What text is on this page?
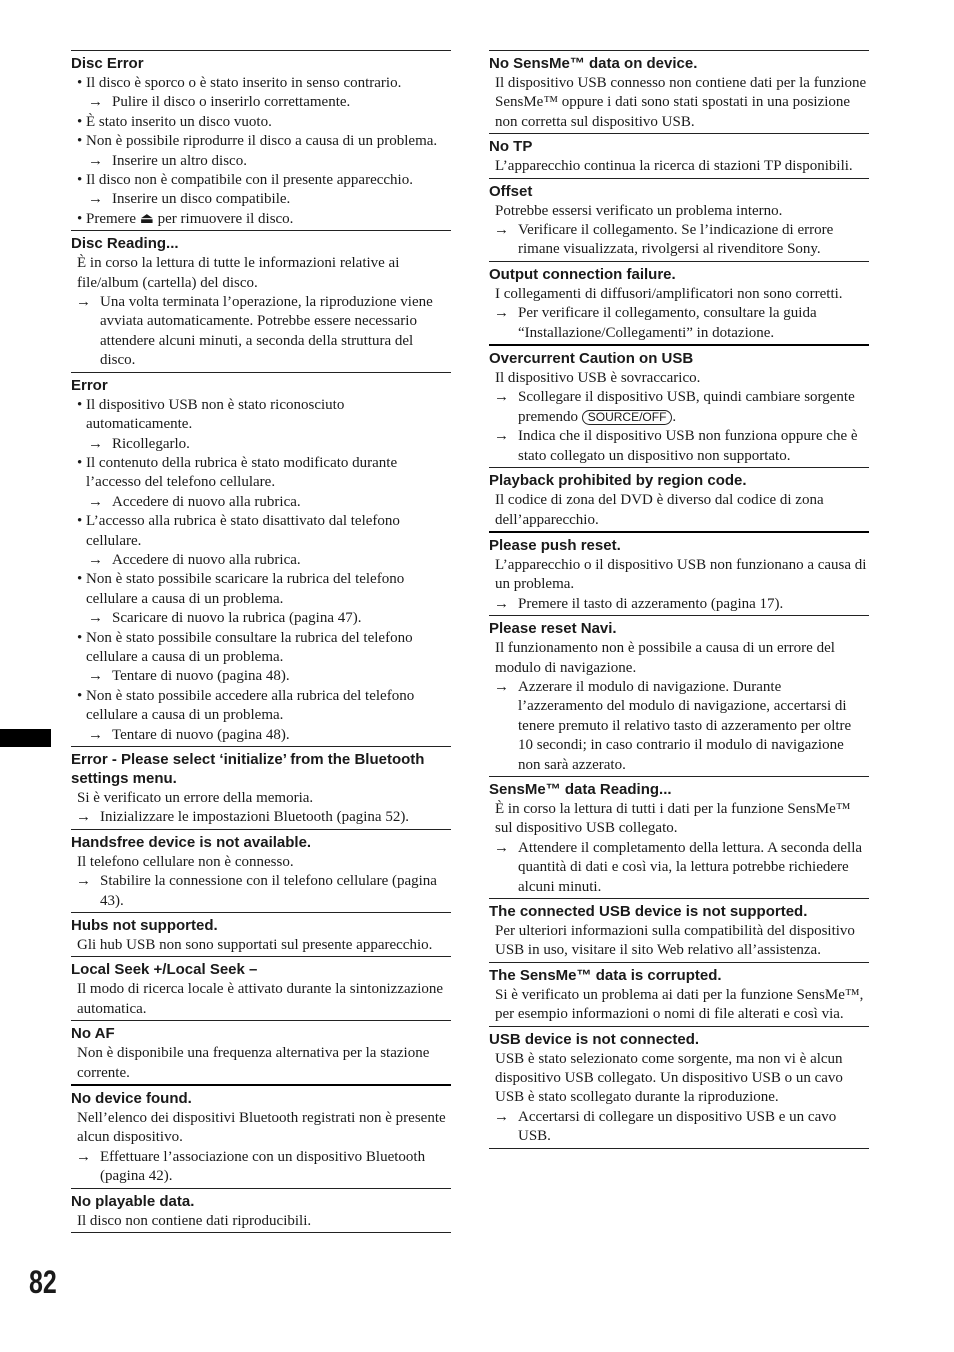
Disc Error
• Il disco è sporco o è stato inserito in senso contrario.
→ Pulire il disco o inserirlo correttamente.
• È stato inserito un disco vuoto.
• Non è possibile riprodurre il disco a causa di un problema.
→ Inserire un altro disco.
• Il disco non è compatibile con il presente apparecchio.
→ Inserire un disco compatibile.
• Premere ⏏ per rimuovere il disco.
Disc Reading...
È in corso la lettura di tutte le informazioni relative ai file/album (cartella) del disco.
→ Una volta terminata l’operazione, la riproduzione viene avviata automaticamente. Potrebbe essere necessario attendere alcuni minuti, a seconda della struttura del disco.
Error
• Il dispositivo USB non è stato riconosciuto automaticamente.
→ Ricollegarlo.
• Il contenuto della rubrica è stato modificato durante l’accesso del telefono cellulare.
→ Accedere di nuovo alla rubrica.
• L’accesso alla rubrica è stato disattivato dal telefono cellulare.
→ Accedere di nuovo alla rubrica.
• Non è stato possibile scaricare la rubrica del telefono cellulare a causa di un problema.
→ Scaricare di nuovo la rubrica (pagina 47).
• Non è stato possibile consultare la rubrica del telefono cellulare a causa di un problema.
→ Tentare di nuovo (pagina 48).
• Non è stato possibile accedere alla rubrica del telefono cellulare a causa di un problema.
→ Tentare di nuovo (pagina 48).
Error - Please select ‘initialize’ from the Bluetooth settings menu.
Si è verificato un errore della memoria.
→ Inizializzare le impostazioni Bluetooth (pagina 52).
Handsfree device is not available.
Il telefono cellulare non è connesso.
→ Stabilire la connessione con il telefono cellulare (pagina 43).
Hubs not supported.
Gli hub USB non sono supportati sul presente apparecchio.
Local Seek +/Local Seek –
Il modo di ricerca locale è attivato durante la sintonizzazione automatica.
No AF
Non è disponibile una frequenza alternativa per la stazione corrente.
No device found.
Nell’elenco dei dispositivi Bluetooth registrati non è presente alcun dispositivo.
→ Effettuare l’associazione con un dispositivo Bluetooth (pagina 42).
No playable data.
Il disco non contiene dati riproducibili.
No SensMe™ data on device.
Il dispositivo USB connesso non contiene dati per la funzione SensMe™ oppure i dati sono stati spostati in una posizione non corretta sul dispositivo USB.
No TP
L’apparecchio continua la ricerca di stazioni TP disponibili.
Offset
Potrebbe essersi verificato un problema interno.
→ Verificare il collegamento. Se l’indicazione di errore rimane visualizzata, rivolgersi al rivenditore Sony.
Output connection failure.
I collegamenti di diffusori/amplificatori non sono corretti.
→ Per verificare il collegamento, consultare la guida “Installazione/Collegamenti” in dotazione.
Overcurrent Caution on USB
Il dispositivo USB è sovraccarico.
→ Scollegare il dispositivo USB, quindi cambiare sorgente premendo SOURCE/OFF .
→ Indica che il dispositivo USB non funziona oppure che è stato collegato un dispositivo non supportato.
Playback prohibited by region code.
Il codice di zona del DVD è diverso dal codice di zona dell’apparecchio.
Please push reset.
L’apparecchio o il dispositivo USB non funzionano a causa di un problema.
→ Premere il tasto di azzeramento (pagina 17).
Please reset Navi.
Il funzionamento non è possibile a causa di un errore del modulo di navigazione.
→ Azzerare il modulo di navigazione. Durante l’azzeramento del modulo di navigazione, accertarsi di tenere premuto il relativo tasto di azzeramento per oltre 10 secondi; in caso contrario il modulo di navigazione non sarà azzerato.
SensMe™ data Reading...
È in corso la lettura di tutti i dati per la funzione SensMe™ sul dispositivo USB collegato.
→ Attendere il completamento della lettura. A seconda della quantità di dati e così via, la lettura potrebbe richiedere alcuni minuti.
The connected USB device is not supported.
Per ulteriori informazioni sulla compatibilità del dispositivo USB in uso, visitare il sito Web relativo all’assistenza.
The SensMe™ data is corrupted.
Si è verificato un problema ai dati per la funzione SensMe™, per esempio informazioni o nomi di file alterati e così via.
USB device is not connected.
USB è stato selezionato come sorgente, ma non vi è alcun dispositivo USB collegato. Un dispositivo USB o un cavo USB è stato scollegato durante la riproduzione.
→ Accertarsi di collegare un dispositivo USB e un cavo USB.
82
